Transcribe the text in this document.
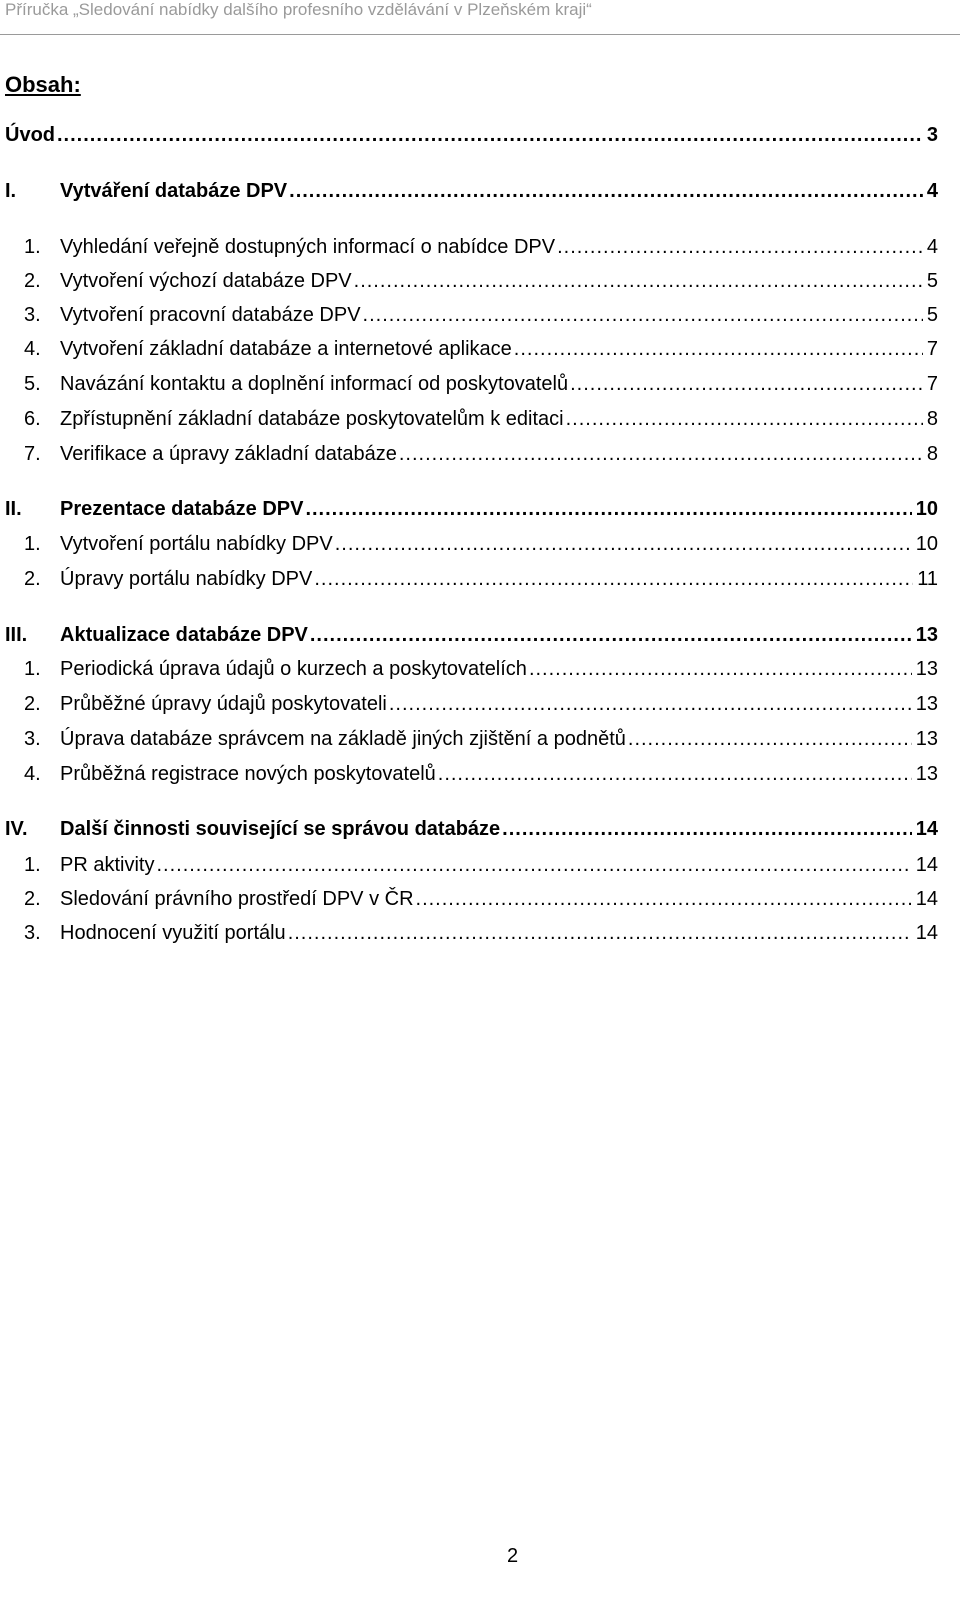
Příručka „Sledování nabídky dalšího profesního vzdělávání v Plzeňském kraji“
Obsah:
Úvod .....	3
I.	Vytváření databáze DPV .....	4
1. Vyhledání veřejně dostupných informací o nabídce DPV .....	4
2. Vytvoření výchozí databáze DPV .....	5
3. Vytvoření pracovní databáze DPV .....	5
4. Vytvoření základní databáze a internetové aplikace .....	7
5. Navázání kontaktu a doplnění informací od poskytovatelů .....	7
6. Zpřístupnění základní databáze poskytovatelům k editaci .....	8
7. Verifikace a úpravy základní databáze .....	8
II.	Prezentace databáze DPV .....	10
1. Vytvoření portálu nabídky DPV .....	10
2. Úpravy portálu nabídky DPV .....	11
III.	Aktualizace databáze DPV .....	13
1. Periodická úprava údajů o kurzech a poskytovatelích .....	13
2. Průběžné úpravy údajů poskytovateli .....	13
3. Úprava databáze správcem na základě jiných zjištění a podnětů .....	13
4. Průběžná registrace nových poskytovatelů .....	13
IV.	Další činnosti související se správou databáze .....	14
1. PR aktivity .....	14
2. Sledování právního prostředí DPV v ČR .....	14
3. Hodnocení využití portálu .....	14
2
